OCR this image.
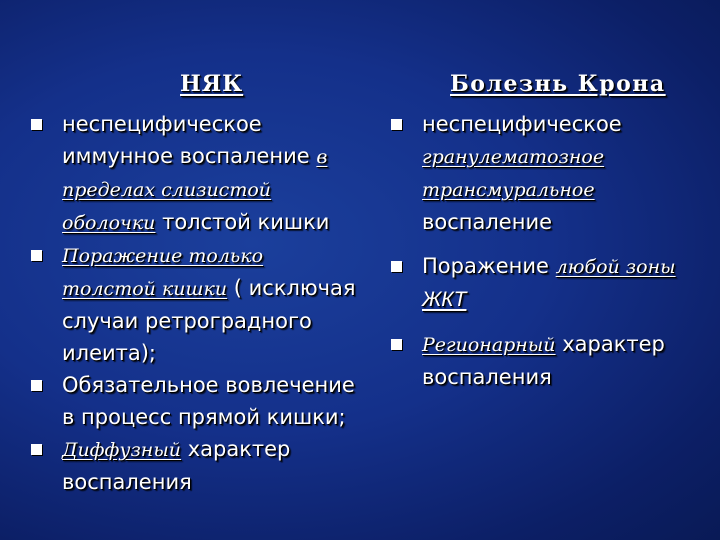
НЯК
неспецифическое иммунное воспаление в пределах слизистой оболочки толстой кишки
Поражение только толстой кишки ( исключая случаи ретроградного илеита);
Обязательное вовлечение в процесс прямой кишки;
Диффузный характер воспаления
Болезнь Крона
неспецифическое гранулематозное трансмуральное воспаление
Поражение любой зоны ЖКТ
Регионарный характер воспаления
